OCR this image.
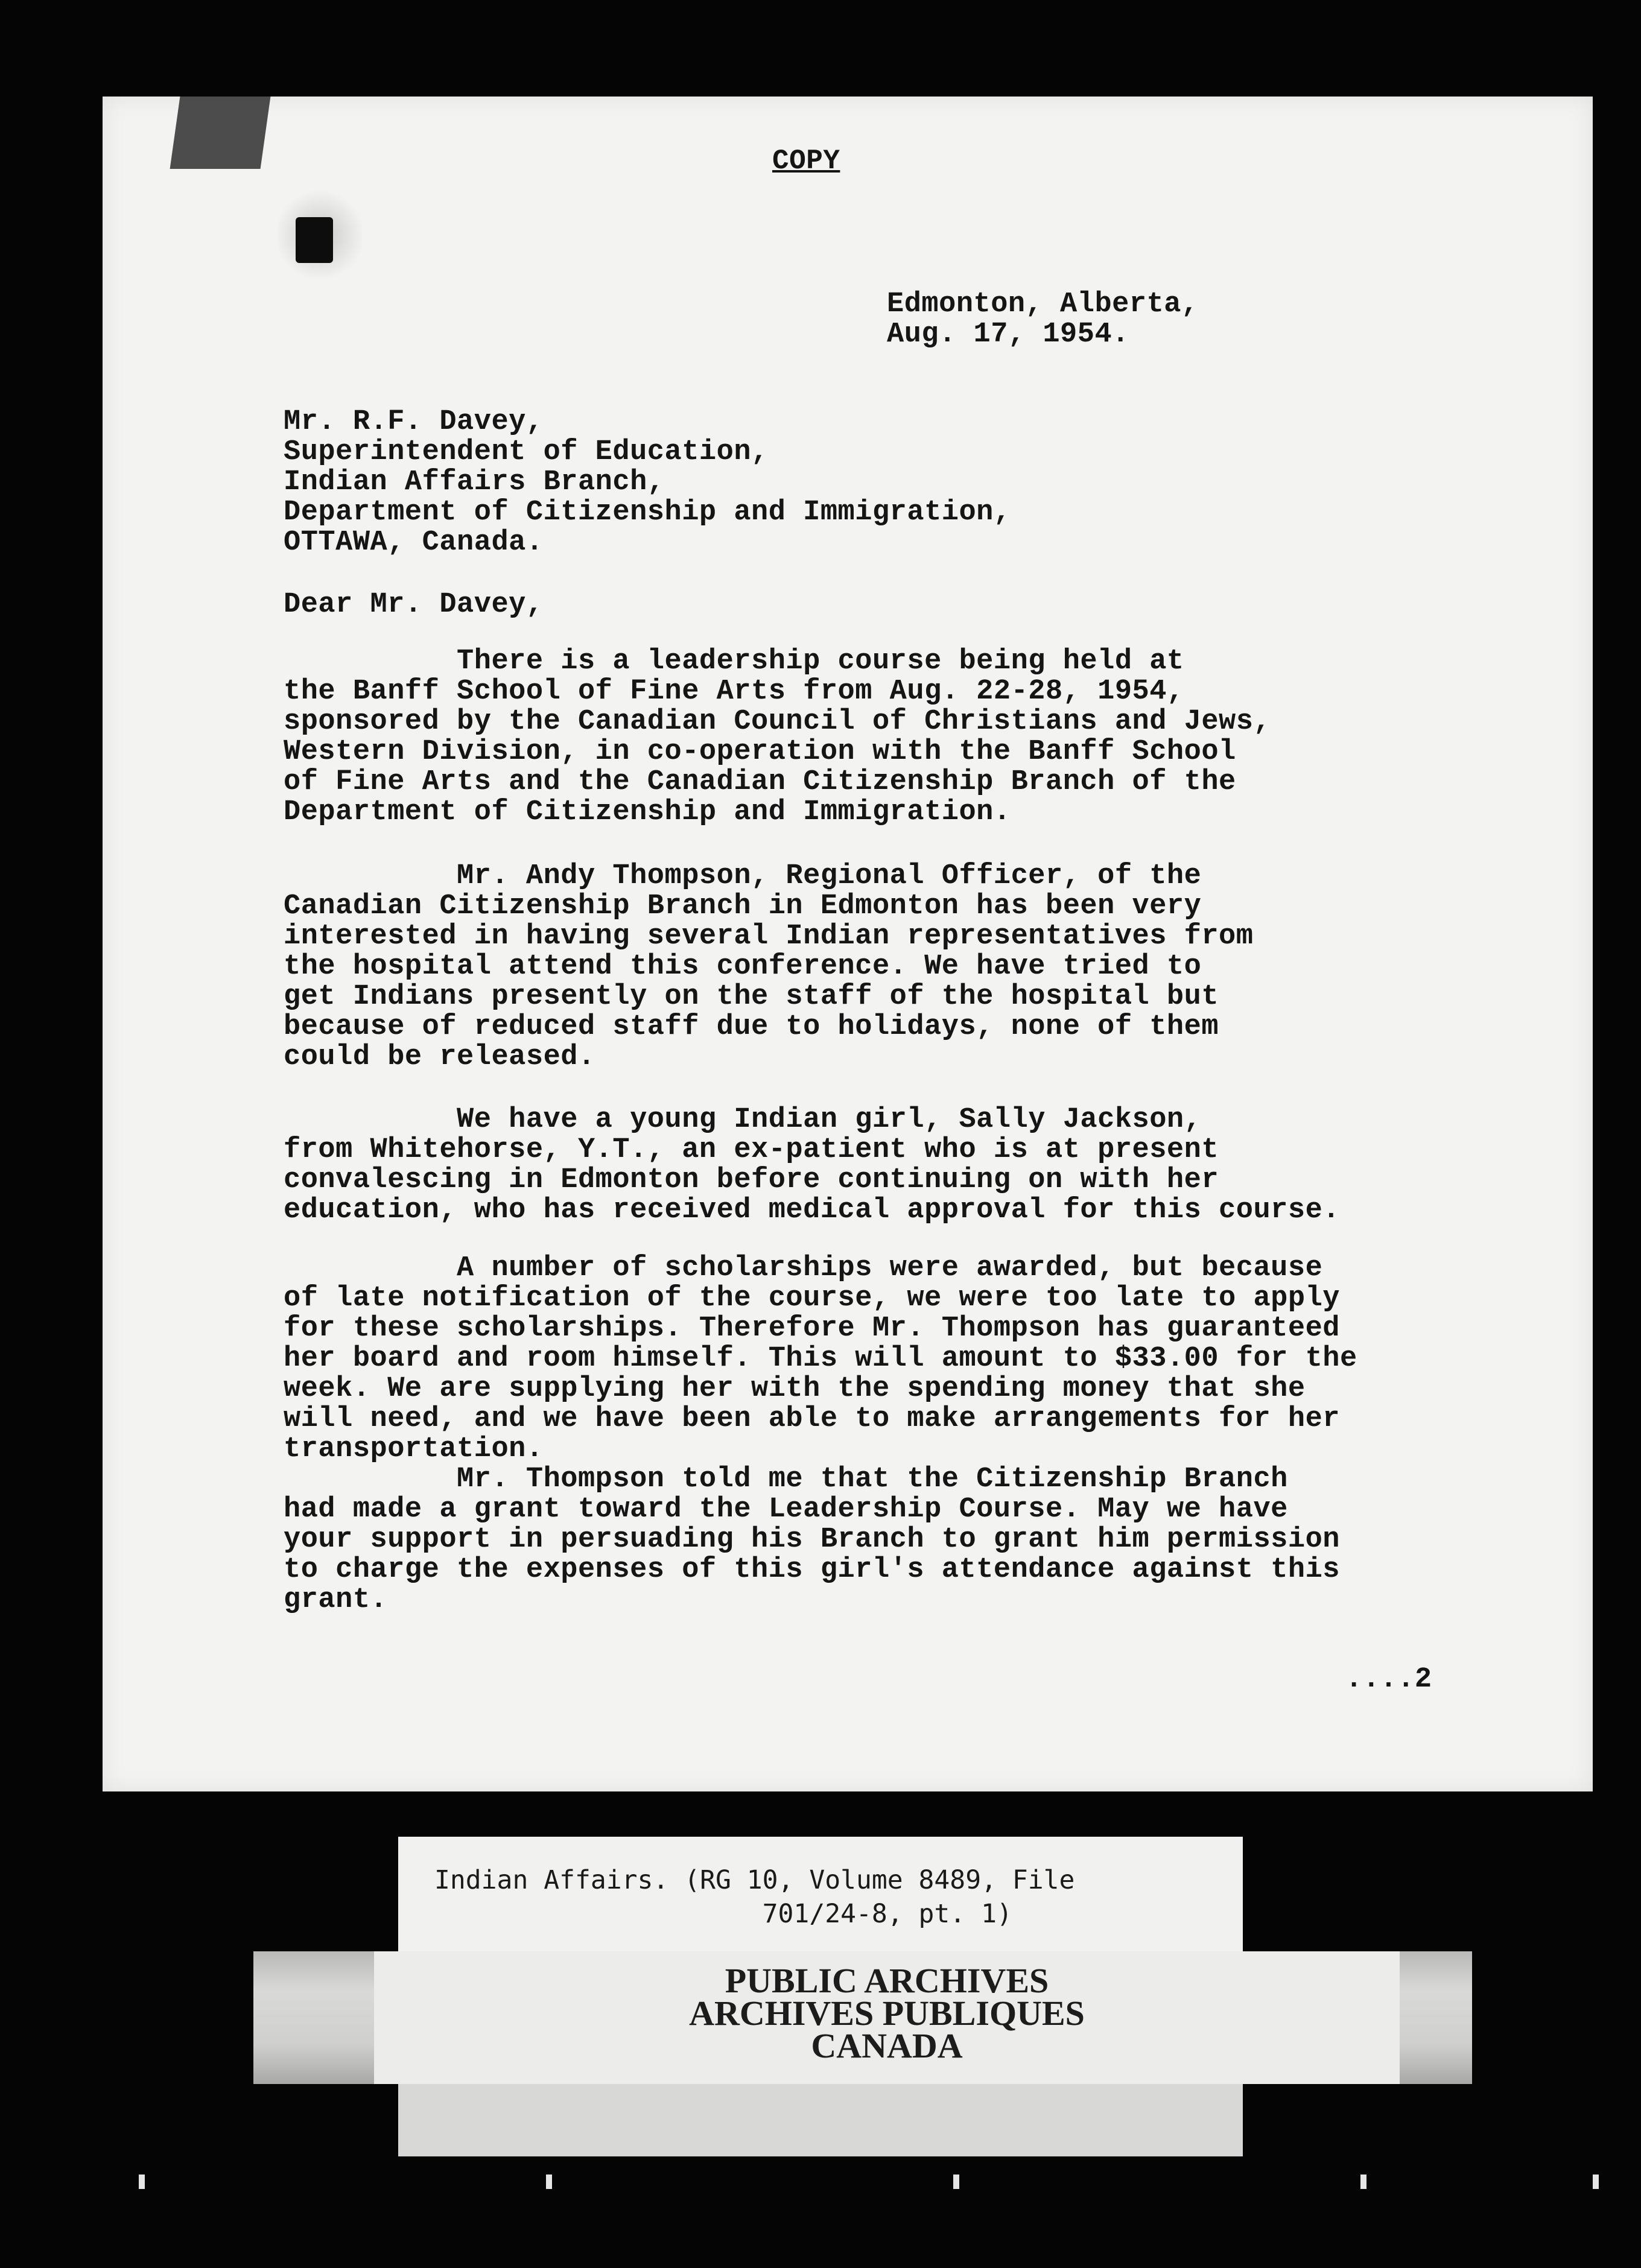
COPY
Edmonton, Alberta,
Aug. 17, 1954.
Mr. R.F. Davey,
Superintendent of Education,
Indian Affairs Branch,
Department of Citizenship and Immigration,
OTTAWA, Canada.
Dear Mr. Davey,
There is a leadership course being held at
the Banff School of Fine Arts from Aug. 22-28, 1954,
sponsored by the Canadian Council of Christians and Jews,
Western Division, in co-operation with the Banff School
of Fine Arts and the Canadian Citizenship Branch of the
Department of Citizenship and Immigration.
Mr. Andy Thompson, Regional Officer, of the
Canadian Citizenship Branch in Edmonton has been very
interested in having several Indian representatives from
the hospital attend this conference. We have tried to
get Indians presently on the staff of the hospital but
because of reduced staff due to holidays, none of them
could be released.
We have a young Indian girl, Sally Jackson,
from Whitehorse, Y.T., an ex-patient who is at present
convalescing in Edmonton before continuing on with her
education, who has received medical approval for this course.
A number of scholarships were awarded, but because
of late notification of the course, we were too late to apply
for these scholarships. Therefore Mr. Thompson has guaranteed
her board and room himself. This will amount to $33.00 for the
week. We are supplying her with the spending money that she
will need, and we have been able to make arrangements for her
transportation.
Mr. Thompson told me that the Citizenship Branch
had made a grant toward the Leadership Course. May we have
your support in persuading his Branch to grant him permission
to charge the expenses of this girl's attendance against this
grant.
....2
Indian Affairs. (RG 10, Volume 8489, File
701/24-8, pt. 1)
PUBLIC ARCHIVES
ARCHIVES PUBLIQUES
CANADA
